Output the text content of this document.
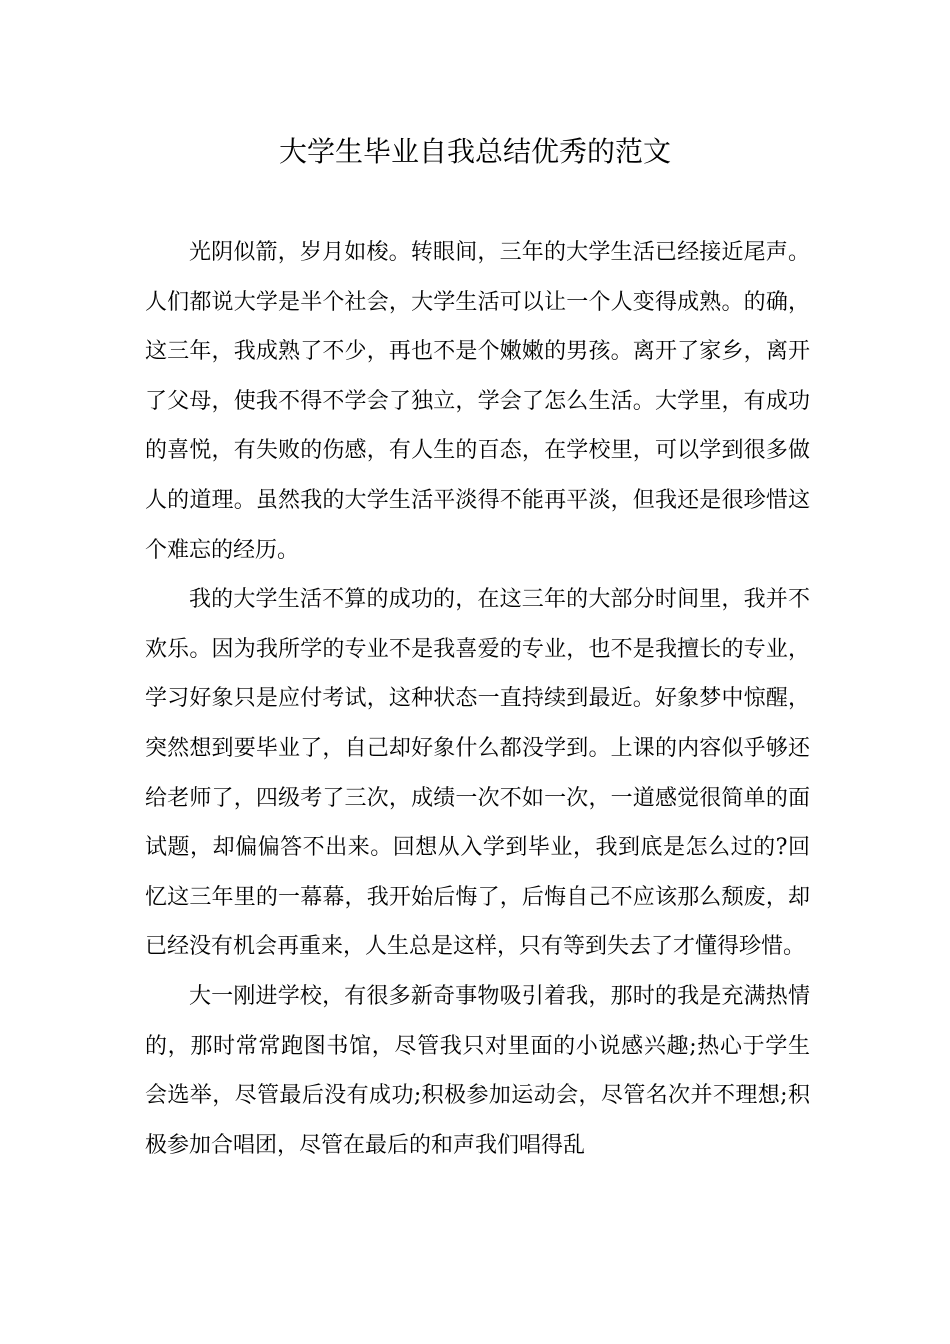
大学生毕业自我总结优秀的范文

光阴似箭，岁月如梭。转眼间，三年的大学生活已经接近尾声。人们都说大学是半个社会，大学生活可以让一个人变得成熟。的确，这三年，我成熟了不少，再也不是个嫩嫩的男孩。离开了家乡，离开了父母，使我不得不学会了独立，学会了怎么生活。大学里，有成功的喜悦，有失败的伤感，有人生的百态，在学校里，可以学到很多做人的道理。虽然我的大学生活平淡得不能再平淡，但我还是很珍惜这个难忘的经历。

我的大学生活不算的成功的，在这三年的大部分时间里，我并不欢乐。因为我所学的专业不是我喜爱的专业，也不是我擅长的专业，学习好象只是应付考试，这种状态一直持续到最近。好象梦中惊醒，突然想到要毕业了，自己却好象什么都没学到。上课的内容似乎够还给老师了，四级考了三次，成绩一次不如一次，一道感觉很简单的面试题，却偏偏答不出来。回想从入学到毕业，我到底是怎么过的?回忆这三年里的一幕幕，我开始后悔了，后悔自己不应该那么颓废，却已经没有机会再重来，人生总是这样，只有等到失去了才懂得珍惜。

大一刚进学校，有很多新奇事物吸引着我，那时的我是充满热情的，那时常常跑图书馆，尽管我只对里面的小说感兴趣;热心于学生会选举，尽管最后没有成功;积极参加运动会，尽管名次并不理想;积极参加合唱团，尽管在最后的和声我们唱得乱
